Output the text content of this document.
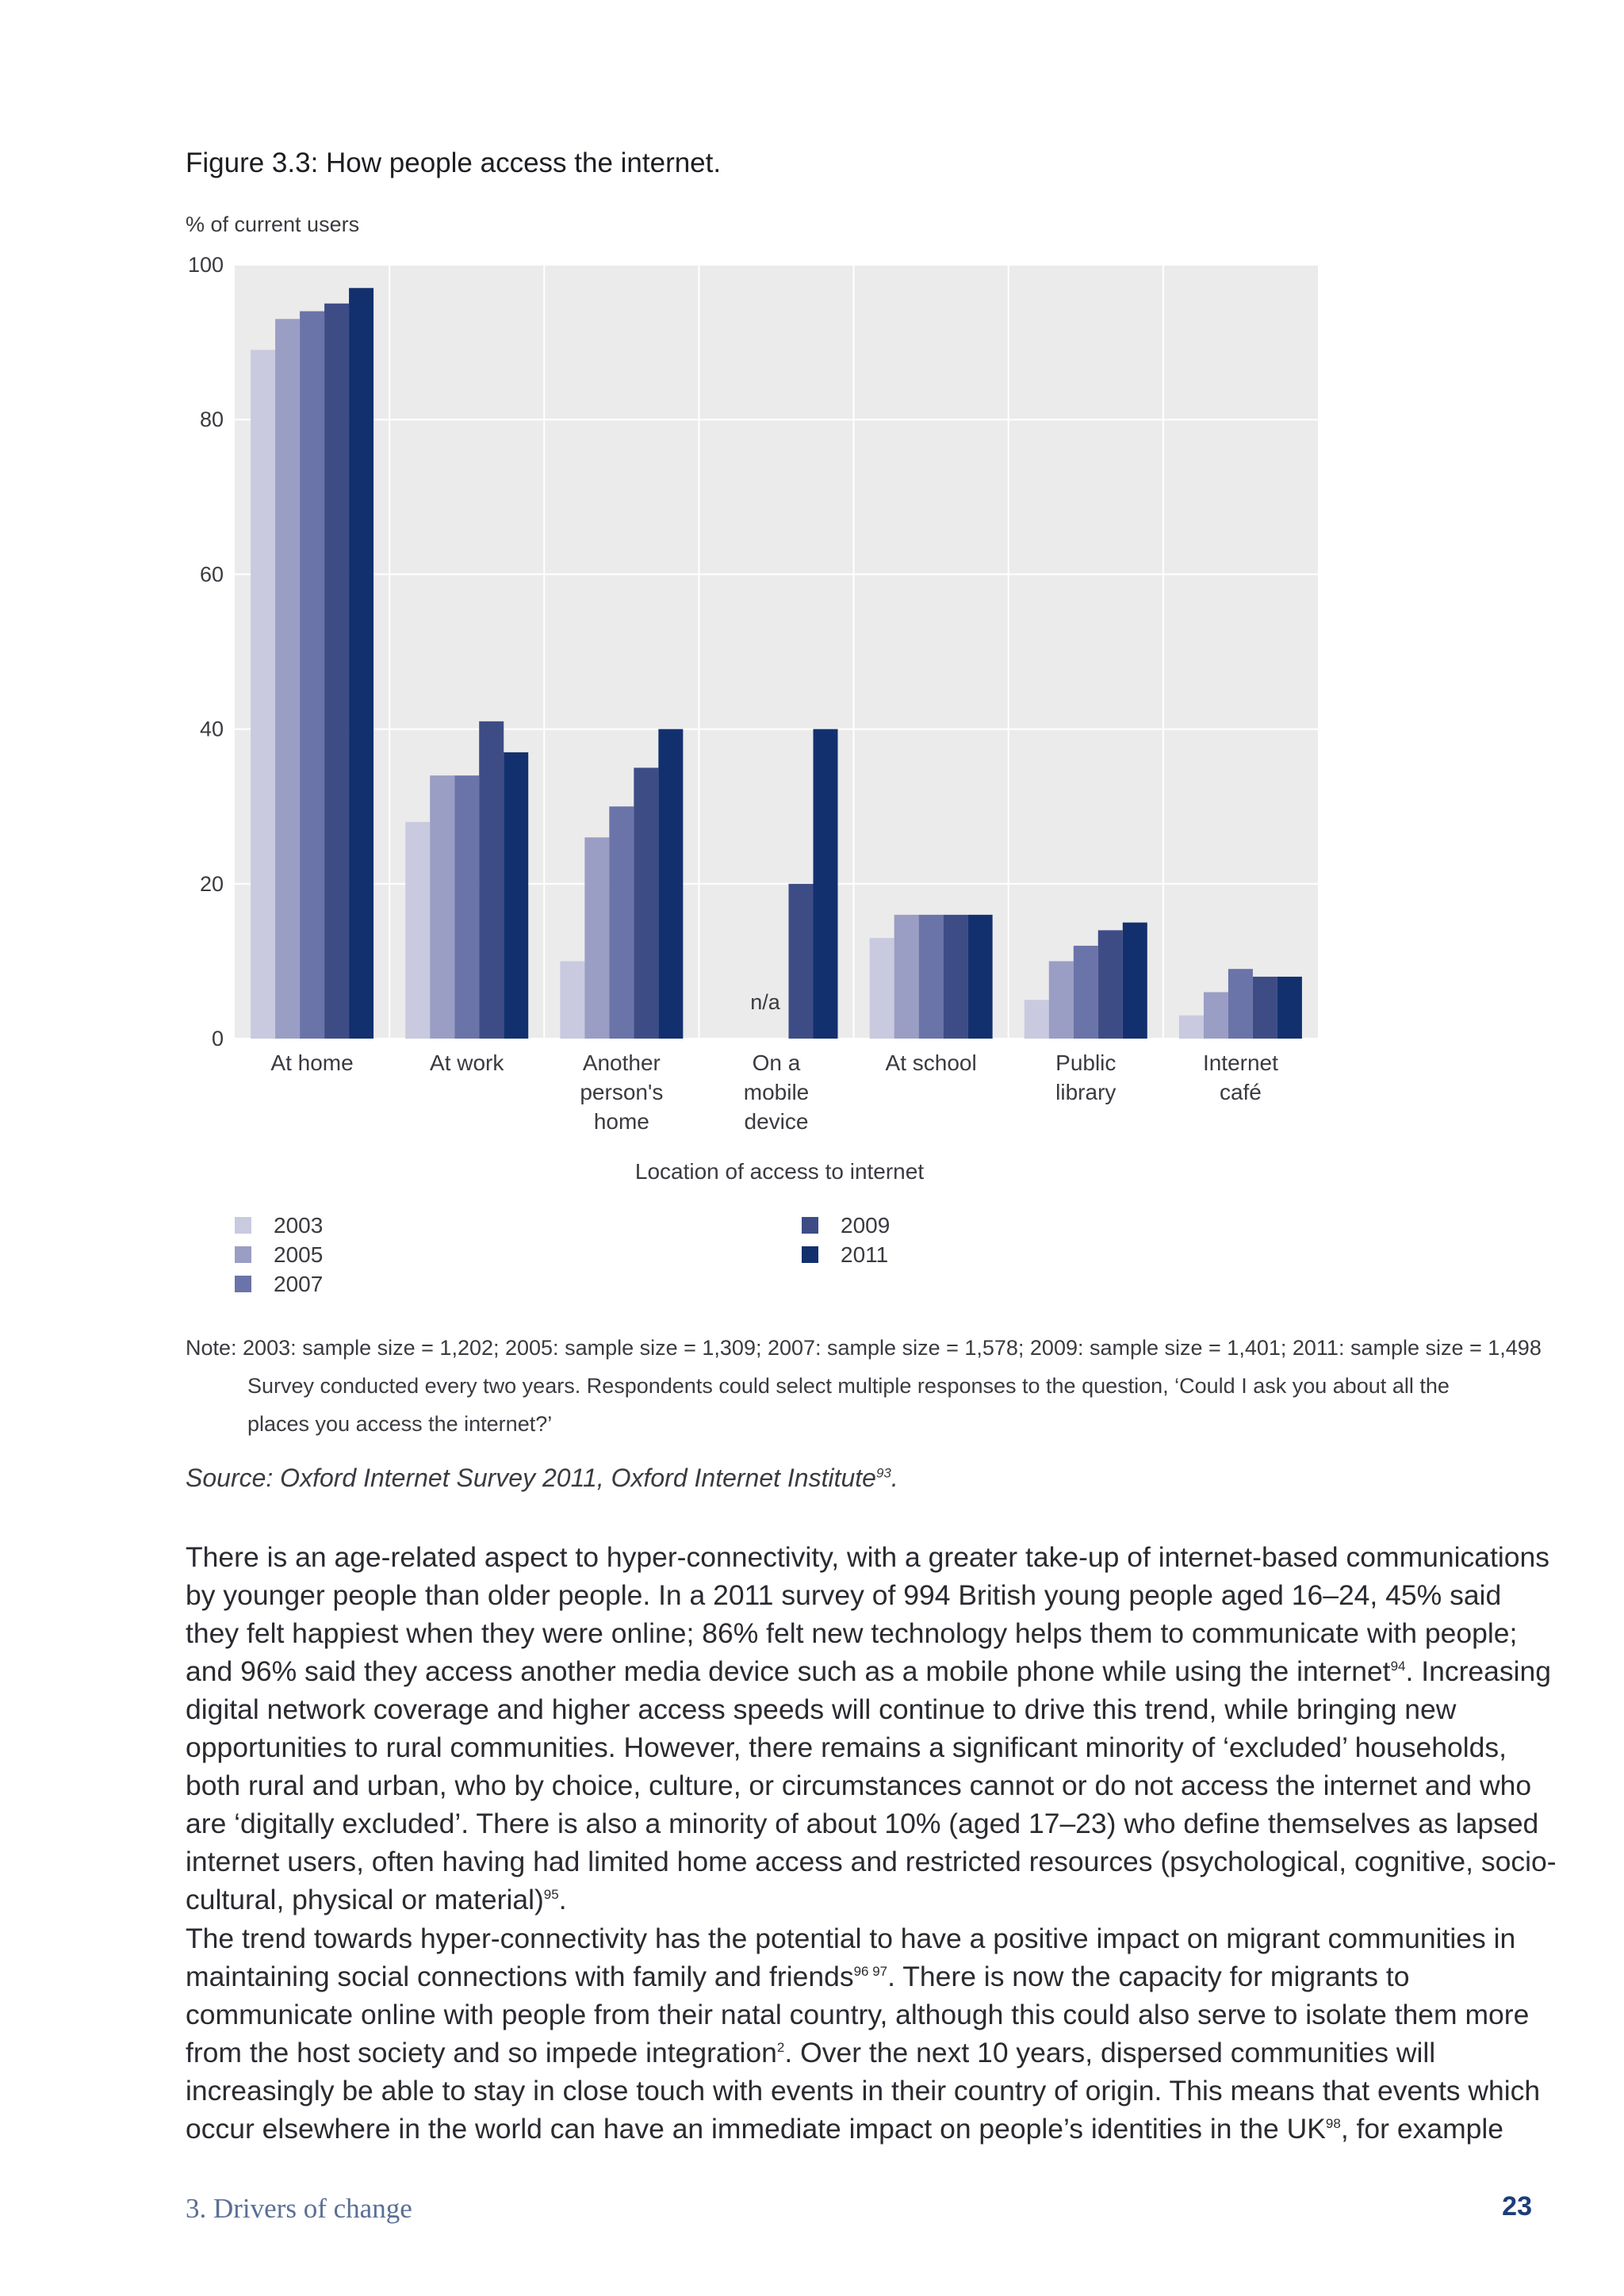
Figure 3.3: How people access the internet.
% of current users
0
20
40
60
80
100
At home	At work	Another person's home
On a mobile device
At school	Public library
Internet café
n/a
Location of access to internet
2003
2005
2007
2009
2011
Note: 2003: sample size = 1,202; 2005: sample size = 1,309; 2007: sample size = 1,578; 2009: sample size = 1,401; 2011: sample size = 1,498
Survey conducted every two years. Respondents could select multiple responses to the question, ‘Could I ask you about all the
places you access the internet?’
Source: Oxford Internet Survey 2011, Oxford Internet Institute$^{93}$.

There is an age-related aspect to hyper-connectivity, with a greater take-up of internet-based communications by younger people than older people. In a 2011 survey of 994 British young people aged 16–24, 45% said they felt happiest when they were online; 86% felt new technology helps them to communicate with people; and 96% said they access another media device such as a mobile phone while using the internet$^{94}$. Increasing digital network coverage and higher access speeds will continue to drive this trend, while bringing new opportunities to rural communities. However, there remains a significant minority of ‘excluded’ households, both rural and urban, who by choice, culture, or circumstances cannot or do not access the internet and who are ‘digitally excluded’. There is also a minority of about 10% (aged 17–23) who define themselves as lapsed internet users, often having had limited home access and restricted resources (psychological, cognitive, socio-cultural, physical or material)$^{95}$.

The trend towards hyper-connectivity has the potential to have a positive impact on migrant communities in maintaining social connections with family and friends$^{96 97}$. There is now the capacity for migrants to communicate online with people from their natal country, although this could also serve to isolate them more from the host society and so impede integration$^2$. Over the next 10 years, dispersed communities will increasingly be able to stay in close touch with events in their country of origin. This means that events which occur elsewhere in the world can have an immediate impact on people’s identities in the UK$^{98}$, for example

3. Drivers of change	23
